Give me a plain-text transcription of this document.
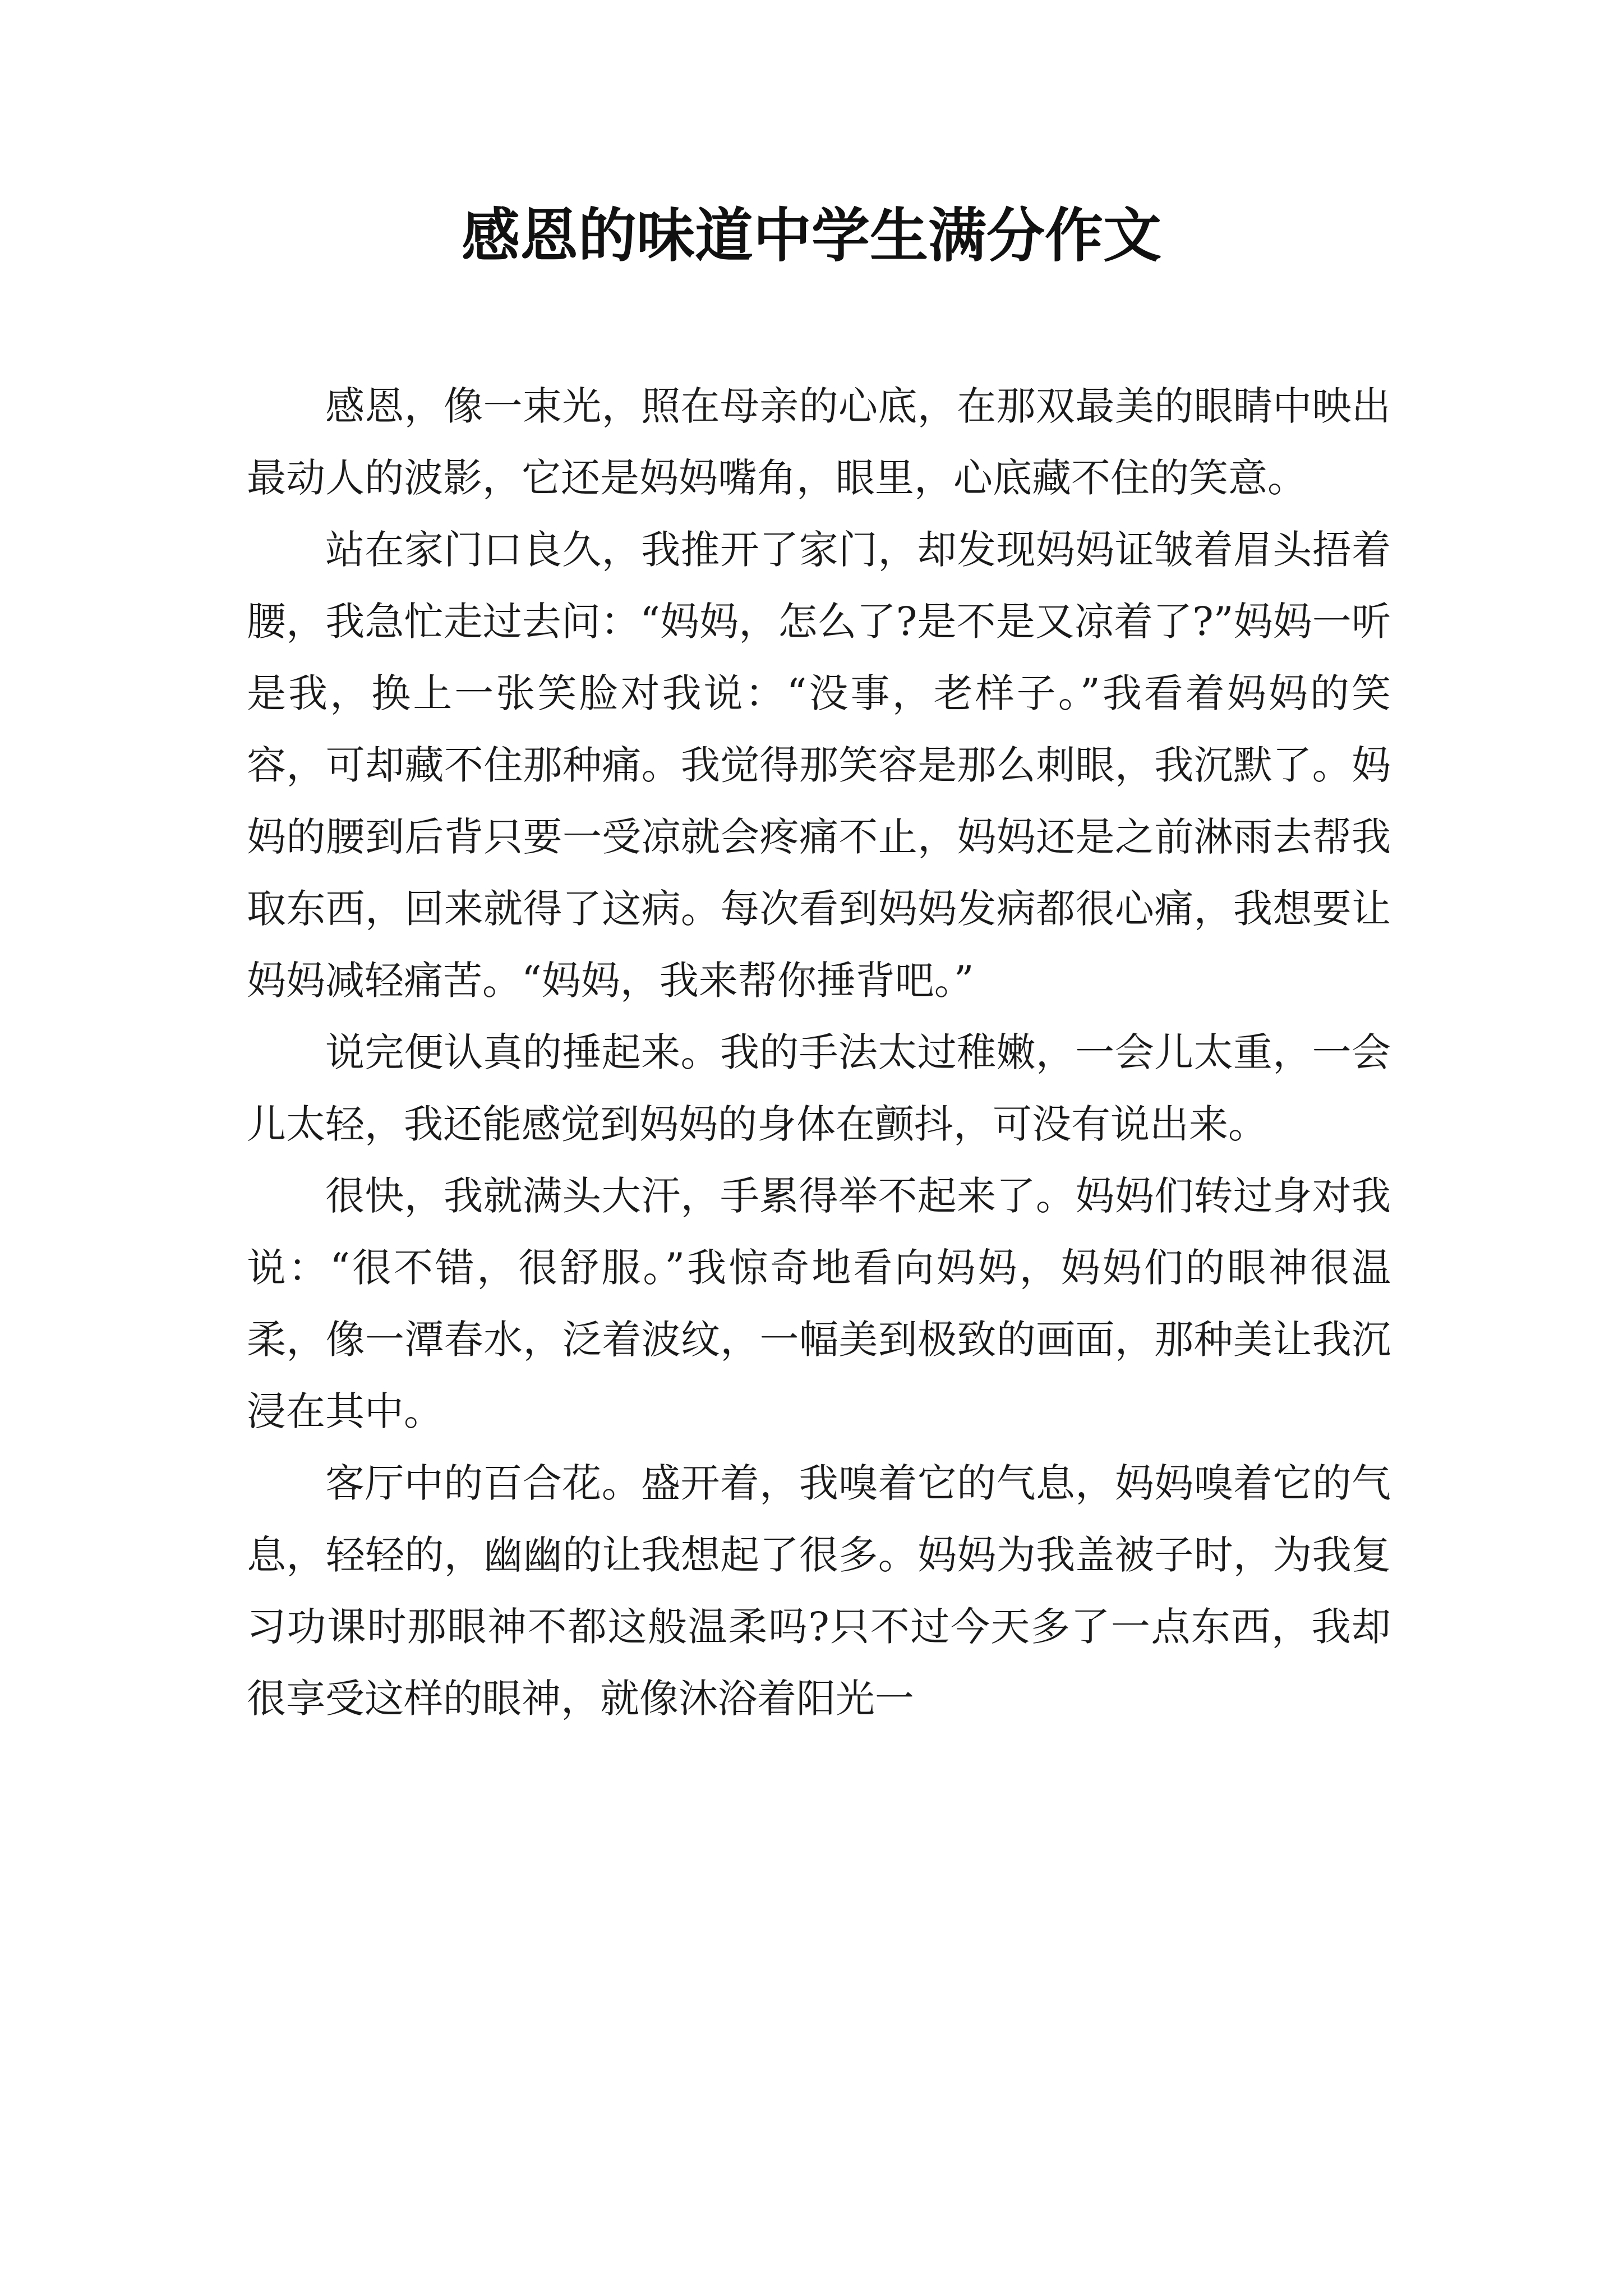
感恩的味道中学生满分作文

感恩，像一束光，照在母亲的心底，在那双最美的眼睛中映出最动人的波影，它还是妈妈嘴角，眼里，心底藏不住的笑意。

站在家门口良久，我推开了家门，却发现妈妈证皱着眉头捂着腰，我急忙走过去问：“妈妈，怎么了?是不是又凉着了?”妈妈一听是我，换上一张笑脸对我说：“没事，老样子。”我看着妈妈的笑容，可却藏不住那种痛。我觉得那笑容是那么刺眼，我沉默了。妈妈的腰到后背只要一受凉就会疼痛不止，妈妈还是之前淋雨去帮我取东西，回来就得了这病。每次看到妈妈发病都很心痛，我想要让妈妈减轻痛苦。“妈妈，我来帮你捶背吧。”

说完便认真的捶起来。我的手法太过稚嫩，一会儿太重，一会儿太轻，我还能感觉到妈妈的身体在颤抖，可没有说出来。

很快，我就满头大汗，手累得举不起来了。妈妈们转过身对我说：“很不错，很舒服。”我惊奇地看向妈妈，妈妈们的眼神很温柔，像一潭春水，泛着波纹，一幅美到极致的画面，那种美让我沉浸在其中。

客厅中的百合花。盛开着，我嗅着它的气息，妈妈嗅着它的气息，轻轻的，幽幽的让我想起了很多。妈妈为我盖被子时，为我复习功课时那眼神不都这般温柔吗?只不过今天多了一点东西，我却很享受这样的眼神，就像沐浴着阳光一
